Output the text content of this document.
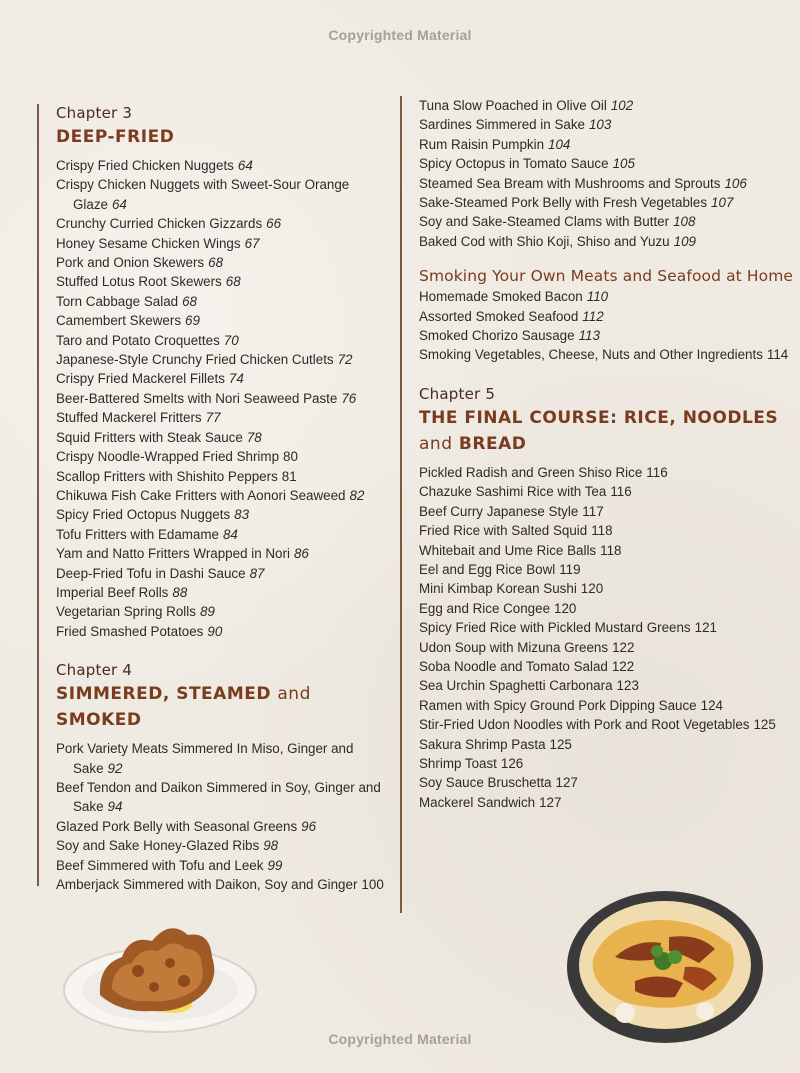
Copyrighted Material
Chapter 3
DEEP-FRIED
Crispy Fried Chicken Nuggets 64
Crispy Chicken Nuggets with Sweet-Sour Orange Glaze 64
Crunchy Curried Chicken Gizzards 66
Honey Sesame Chicken Wings 67
Pork and Onion Skewers 68
Stuffed Lotus Root Skewers 68
Torn Cabbage Salad 68
Camembert Skewers 69
Taro and Potato Croquettes 70
Japanese-Style Crunchy Fried Chicken Cutlets 72
Crispy Fried Mackerel Fillets 74
Beer-Battered Smelts with Nori Seaweed Paste 76
Stuffed Mackerel Fritters 77
Squid Fritters with Steak Sauce 78
Crispy Noodle-Wrapped Fried Shrimp 80
Scallop Fritters with Shishito Peppers 81
Chikuwa Fish Cake Fritters with Aonori Seaweed 82
Spicy Fried Octopus Nuggets 83
Tofu Fritters with Edamame 84
Yam and Natto Fritters Wrapped in Nori 86
Deep-Fried Tofu in Dashi Sauce 87
Imperial Beef Rolls 88
Vegetarian Spring Rolls 89
Fried Smashed Potatoes 90
Chapter 4
SIMMERED, STEAMED and SMOKED
Pork Variety Meats Simmered In Miso, Ginger and Sake 92
Beef Tendon and Daikon Simmered in Soy, Ginger and Sake 94
Glazed Pork Belly with Seasonal Greens 96
Soy and Sake Honey-Glazed Ribs 98
Beef Simmered with Tofu and Leek 99
Amberjack Simmered with Daikon, Soy and Ginger 100
Tuna Slow Poached in Olive Oil 102
Sardines Simmered in Sake 103
Rum Raisin Pumpkin 104
Spicy Octopus in Tomato Sauce 105
Steamed Sea Bream with Mushrooms and Sprouts 106
Sake-Steamed Pork Belly with Fresh Vegetables 107
Soy and Sake-Steamed Clams with Butter 108
Baked Cod with Shio Koji, Shiso and Yuzu 109
Smoking Your Own Meats and Seafood at Home
Homemade Smoked Bacon 110
Assorted Smoked Seafood 112
Smoked Chorizo Sausage 113
Smoking Vegetables, Cheese, Nuts and Other Ingredients 114
Chapter 5
THE FINAL COURSE: RICE, NOODLES
and BREAD
Pickled Radish and Green Shiso Rice 116
Chazuke Sashimi Rice with Tea 116
Beef Curry Japanese Style 117
Fried Rice with Salted Squid 118
Whitebait and Ume Rice Balls 118
Eel and Egg Rice Bowl 119
Mini Kimbap Korean Sushi 120
Egg and Rice Congee 120
Spicy Fried Rice with Pickled Mustard Greens 121
Udon Soup with Mizuna Greens 122
Soba Noodle and Tomato Salad 122
Sea Urchin Spaghetti Carbonara 123
Ramen with Spicy Ground Pork Dipping Sauce 124
Stir-Fried Udon Noodles with Pork and Root Vegetables 125
Sakura Shrimp Pasta 125
Shrimp Toast 126
Soy Sauce Bruschetta 127
Mackerel Sandwich 127
Copyrighted Material
